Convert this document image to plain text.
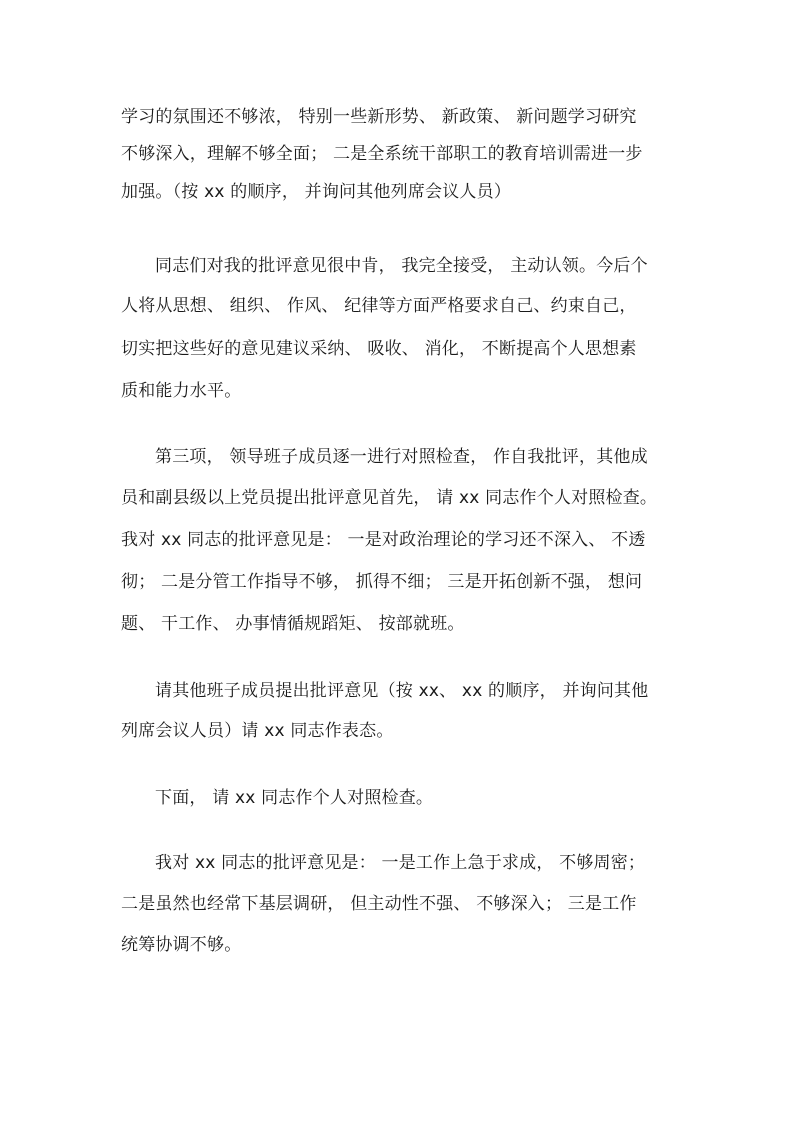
学习的氛围还不够浓， 特别一些新形势、 新政策、 新问题学习研究
不够深入，理解不够全面； 二是全系统干部职工的教育培训需进一步
加强。（按 xx 的顺序， 并询问其他列席会议人员）
同志们对我的批评意见很中肯， 我完全接受， 主动认领。今后个
人将从思想、 组织、 作风、 纪律等方面严格要求自己、约束自己，
切实把这些好的意见建议采纳、 吸收、 消化， 不断提高个人思想素
质和能力水平。
第三项， 领导班子成员逐一进行对照检查， 作自我批评，其他成
员和副县级以上党员提出批评意见首先， 请 xx 同志作个人对照检查。
我对 xx 同志的批评意见是： 一是对政治理论的学习还不深入、 不透
彻； 二是分管工作指导不够， 抓得不细； 三是开拓创新不强， 想问
题、 干工作、 办事情循规蹈矩、 按部就班。
请其他班子成员提出批评意见（按 xx、 xx 的顺序， 并询问其他
列席会议人员）请 xx 同志作表态。
下面， 请 xx 同志作个人对照检查。
我对 xx 同志的批评意见是： 一是工作上急于求成， 不够周密；
二是虽然也经常下基层调研， 但主动性不强、 不够深入； 三是工作
统筹协调不够。
